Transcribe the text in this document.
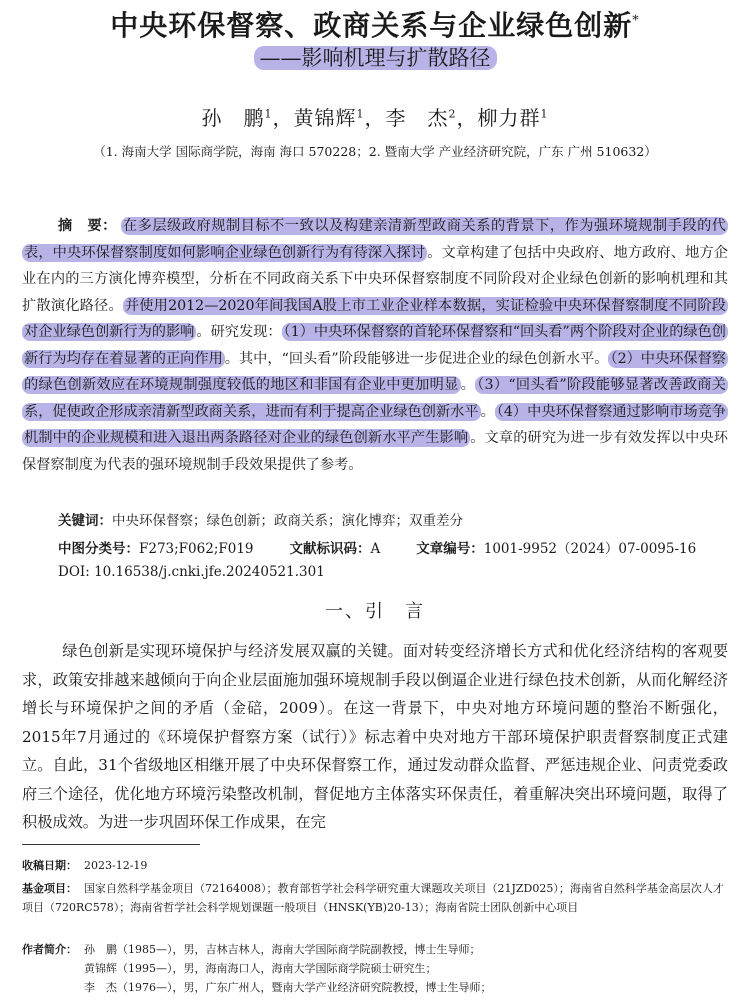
中央环保督察、政商关系与企业绿色创新*
——影响机理与扩散路径
孙　鹏$^1$，黄锦辉$^1$，李　杰$^2$，柳力群$^1$
（1. 海南大学 国际商学院，海南 海口 570228；2. 暨南大学 产业经济研究院，广东 广州 510632）

摘　要： 在多层级政府规制目标不一致以及构建亲清新型政商关系的背景下，作为强环境规制手段的代表，中央环保督察制度如何影响企业绿色创新行为有待深入探讨 。文章构建了包括中央政府、地方政府、地方企业在内的三方演化博弈模型，分析在不同政商关系下中央环保督察制度不同阶段对企业绿色创新的影响机理和其扩散演化路径。 并使用2012—2020年间我国A股上市工业企业样本数据，实证检验中央环保督察制度不同阶段对企业绿色创新行为的影响 。研究发现： （1）中央环保督察的首轮环保督察和“回头看”两个阶段对企业的绿色创新行为均存在着显著的正向作用 。其中，“回头看”阶段能够进一步促进企业的绿色创新水平。 （2）中央环保督察的绿色创新效应在环境规制强度较低的地区和非国有企业中更加明显 。 （3）“回头看”阶段能够显著改善政商关系，促使政企形成亲清新型政商关系，进而有利于提高企业绿色创新水平 。 （4）中央环保督察通过影响市场竞争机制中的企业规模和进入退出两条路径对企业的绿色创新水平产生影响 。文章的研究为进一步有效发挥以中央环保督察制度为代表的强环境规制手段效果提供了参考。

关键词：中央环保督察；绿色创新；政商关系；演化博弈；双重差分
中图分类号：F273;F062;F019	文献标识码：A	文章编号：1001-9952（2024）07-0095-16
DOI: 10.16538/j.cnki.jfe.20240521.301
一、引　言

绿色创新是实现环境保护与经济发展双赢的关键。面对转变经济增长方式和优化经济结构的客观要求，政策安排越来越倾向于向企业层面施加强环境规制手段以倒逼企业进行绿色技术创新，从而化解经济增长与环境保护之间的矛盾（金碚，2009）。在这一背景下，中央对地方环境问题的整治不断强化，2015年7月通过的《环境保护督察方案（试行）》标志着中央对地方干部环境保护职责督察制度正式建立。自此，31个省级地区相继开展了中央环保督察工作，通过发动群众监督、严惩违规企业、问责党委政府三个途径，优化地方环境污染整改机制，督促地方主体落实环保责任，着重解决突出环境问题，取得了积极成效。为进一步巩固环保工作成果，在完

收稿日期： 2023-12-19
基金项目： 国家自然科学基金项目（72164008）；教育部哲学社会科学研究重大课题攻关项目（21JZD025）；海南省自然科学基金高层次人才项目（720RC578）；海南省哲学社会科学规划课题一般项目（HNSK(YB)20-13）；海南省院士团队创新中心项目
作者简介： 孙　鹏（1985—），男，吉林吉林人，海南大学国际商学院副教授，博士生导师；
黄锦辉（1995—），男，海南海口人，海南大学国际商学院硕士研究生；
李　杰（1976—），男，广东广州人，暨南大学产业经济研究院教授，博士生导师；
